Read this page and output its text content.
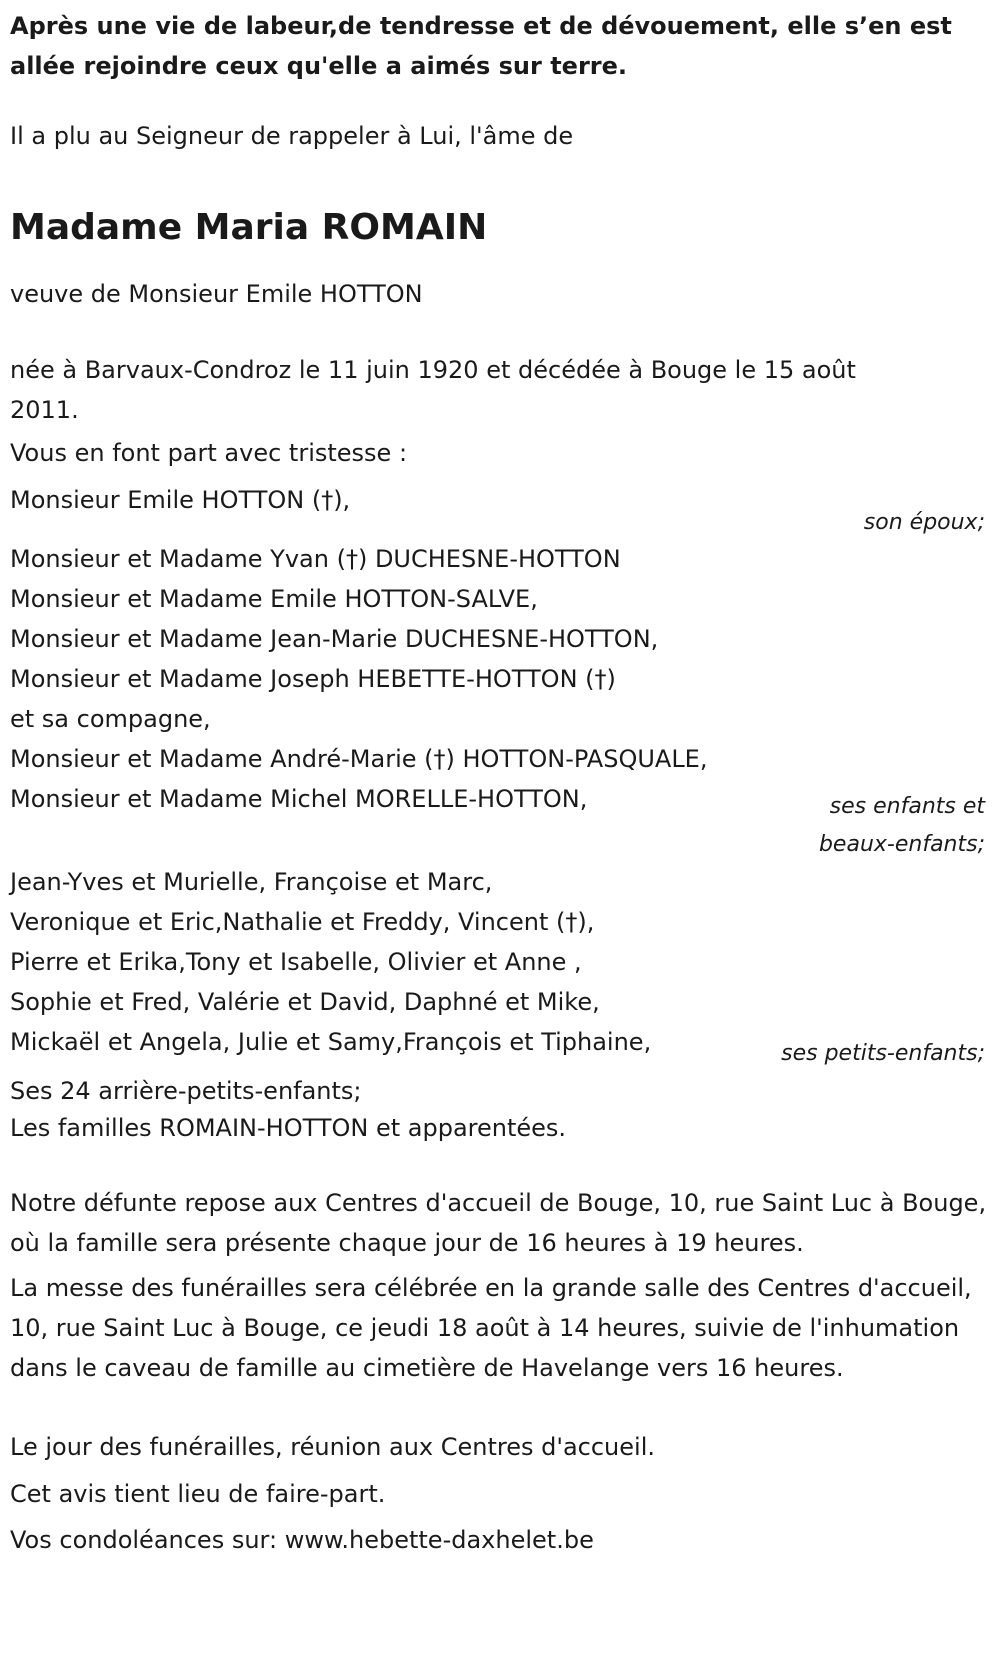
Après une vie de labeur,de tendresse et de dévouement, elle s’en est allée rejoindre ceux qu'elle a aimés sur terre.

Il a plu au Seigneur de rappeler à Lui, l'âme de

Madame Maria ROMAIN

veuve de Monsieur Emile HOTTON

née à Barvaux-Condroz le 11 juin 1920 et décédée à Bouge le 15 août 2011.

Vous en font part avec tristesse :

Monsieur Emile HOTTON (†),

son époux;
Monsieur et Madame Yvan (†) DUCHESNE-HOTTON
Monsieur et Madame Emile HOTTON-SALVE,
Monsieur et Madame Jean-Marie DUCHESNE-HOTTON,
Monsieur et Madame Joseph HEBETTE-HOTTON (†)
et sa compagne,
Monsieur et Madame André-Marie (†) HOTTON-PASQUALE,
Monsieur et Madame Michel MORELLE-HOTTON,	ses enfants et
beaux-enfants;
Jean-Yves et Murielle, Françoise et Marc,
Veronique et Eric,Nathalie et Freddy, Vincent (†),
Pierre et Erika,Tony et Isabelle, Olivier et Anne ,
Sophie et Fred, Valérie et David, Daphné et Mike,
Mickaël et Angela, Julie et Samy,François et Tiphaine,	ses petits-enfants;

Ses 24 arrière-petits-enfants;

Les familles ROMAIN-HOTTON et apparentées.

Notre défunte repose aux Centres d'accueil de Bouge, 10, rue Saint Luc à Bouge, où la famille sera présente chaque jour de 16 heures à 19 heures.

La messe des funérailles sera célébrée en la grande salle des Centres d'accueil, 10, rue Saint Luc à Bouge, ce jeudi 18 août à 14 heures, suivie de l'inhumation dans le caveau de famille au cimetière de Havelange vers 16 heures.

Le jour des funérailles, réunion aux Centres d'accueil.

Cet avis tient lieu de faire-part.

Vos condoléances sur: www.hebette-daxhelet.be
